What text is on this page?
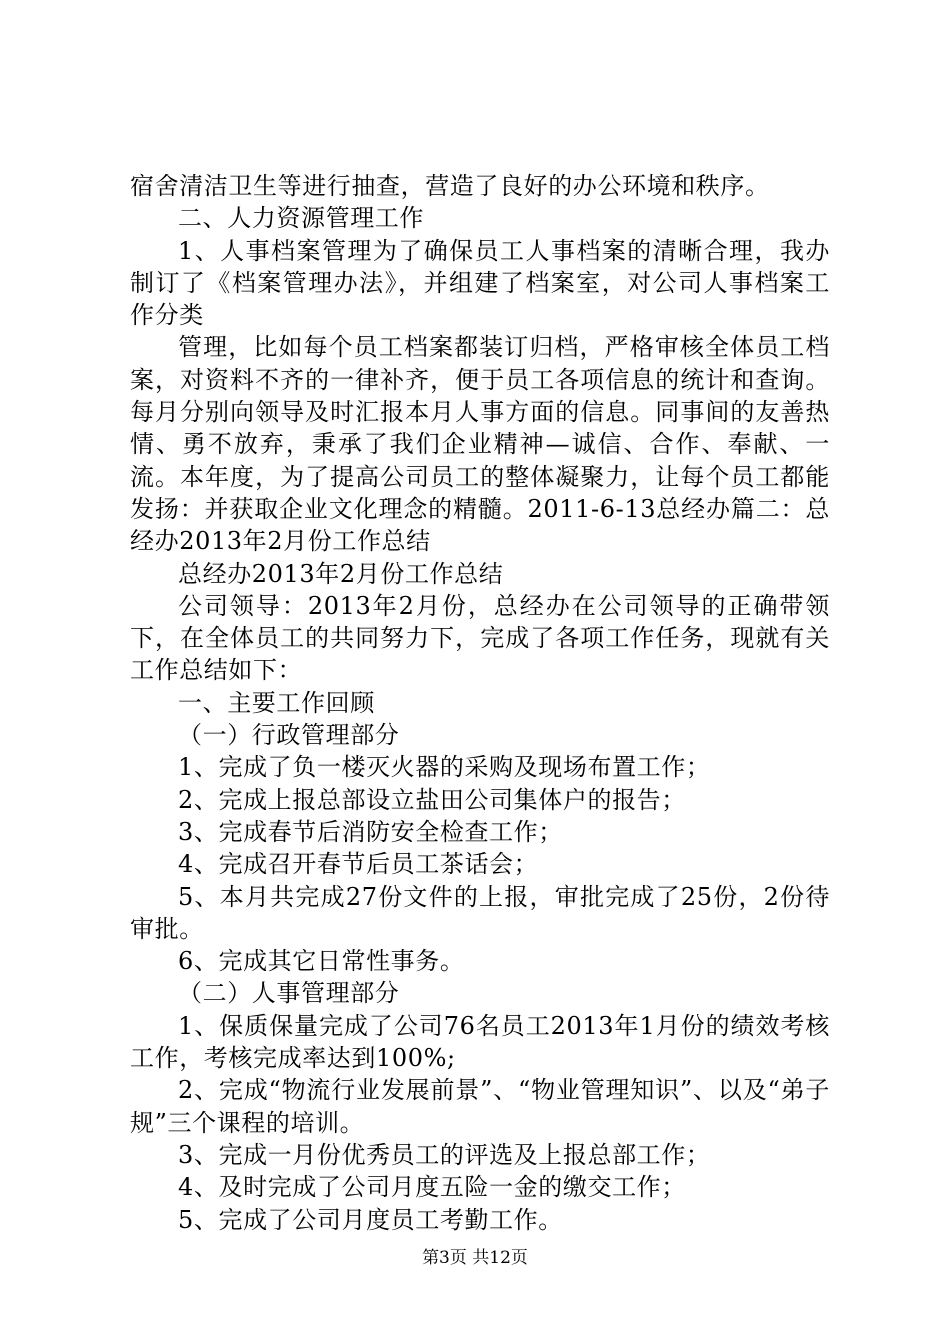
宿舍清洁卫生等进行抽查，营造了良好的办公环境和秩序。

二、人力资源管理工作

1、人事档案管理为了确保员工人事档案的清晰合理，我办制订了《档案管理办法》，并组建了档案室，对公司人事档案工作分类

管理，比如每个员工档案都装订归档，严格审核全体员工档案，对资料不齐的一律补齐，便于员工各项信息的统计和查询。每月分别向领导及时汇报本月人事方面的信息。同事间的友善热情、勇不放弃，秉承了我们企业精神—诚信、合作、奉献、一流。本年度，为了提高公司员工的整体凝聚力，让每个员工都能发扬：并获取企业文化理念的精髓。2011-6-13总经办篇二：总经办2013年2月份工作总结

总经办2013年2月份工作总结

公司领导：2013年2月份，总经办在公司领导的正确带领下，在全体员工的共同努力下，完成了各项工作任务，现就有关工作总结如下：

一、主要工作回顾

（一）行政管理部分

1、完成了负一楼灭火器的采购及现场布置工作；

2、完成上报总部设立盐田公司集体户的报告；

3、完成春节后消防安全检查工作；

4、完成召开春节后员工茶话会；

5、本月共完成27份文件的上报，审批完成了25份，2份待审批。

6、完成其它日常性事务。

（二）人事管理部分

1、保质保量完成了公司76名员工2013年1月份的绩效考核工作，考核完成率达到100%;

2、完成“物流行业发展前景”、“物业管理知识”、以及“弟子规”三个课程的培训。

3、完成一月份优秀员工的评选及上报总部工作；

4、及时完成了公司月度五险一金的缴交工作；

5、完成了公司月度员工考勤工作。

第3页 共12页
